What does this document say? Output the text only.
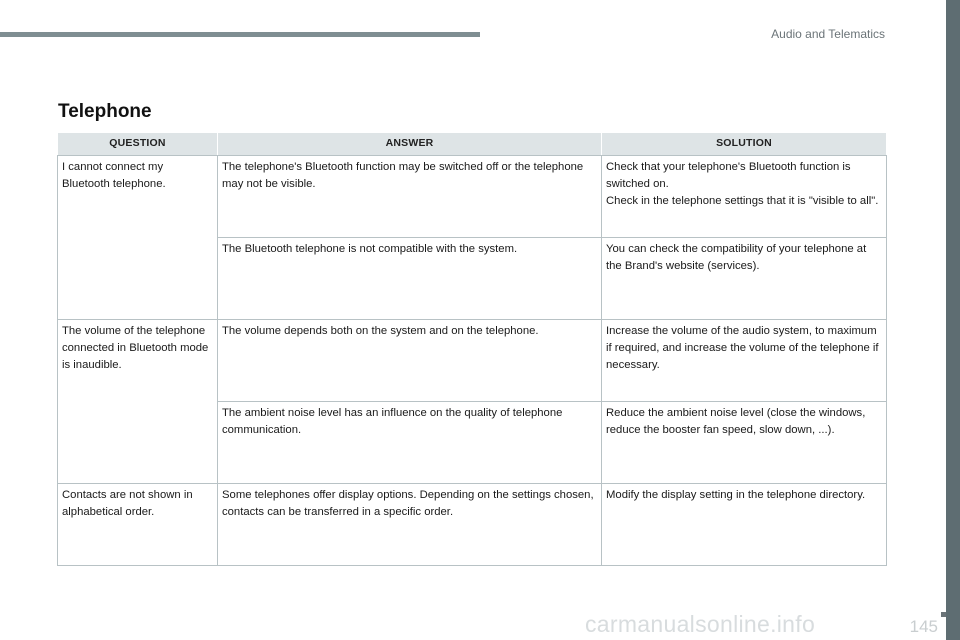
Audio and Telematics
Telephone
QUESTION	ANSWER	SOLUTION
I cannot connect my Bluetooth telephone.	The telephone's Bluetooth function may be switched off or the telephone may not be visible.	Check that your telephone's Bluetooth function is switched on.
Check in the telephone settings that it is "visible to all".
	The Bluetooth telephone is not compatible with the system.	You can check the compatibility of your telephone at the Brand's website (services).
The volume of the telephone connected in Bluetooth mode is inaudible.	The volume depends both on the system and on the telephone.	Increase the volume of the audio system, to maximum if required, and increase the volume of the telephone if necessary.
	The ambient noise level has an influence on the quality of telephone communication.	Reduce the ambient noise level (close the windows, reduce the booster fan speed, slow down, ...).
Contacts are not shown in alphabetical order.	Some telephones offer display options. Depending on the settings chosen, contacts can be transferred in a specific order.	Modify the display setting in the telephone directory.
carmanualsonline.info	145
